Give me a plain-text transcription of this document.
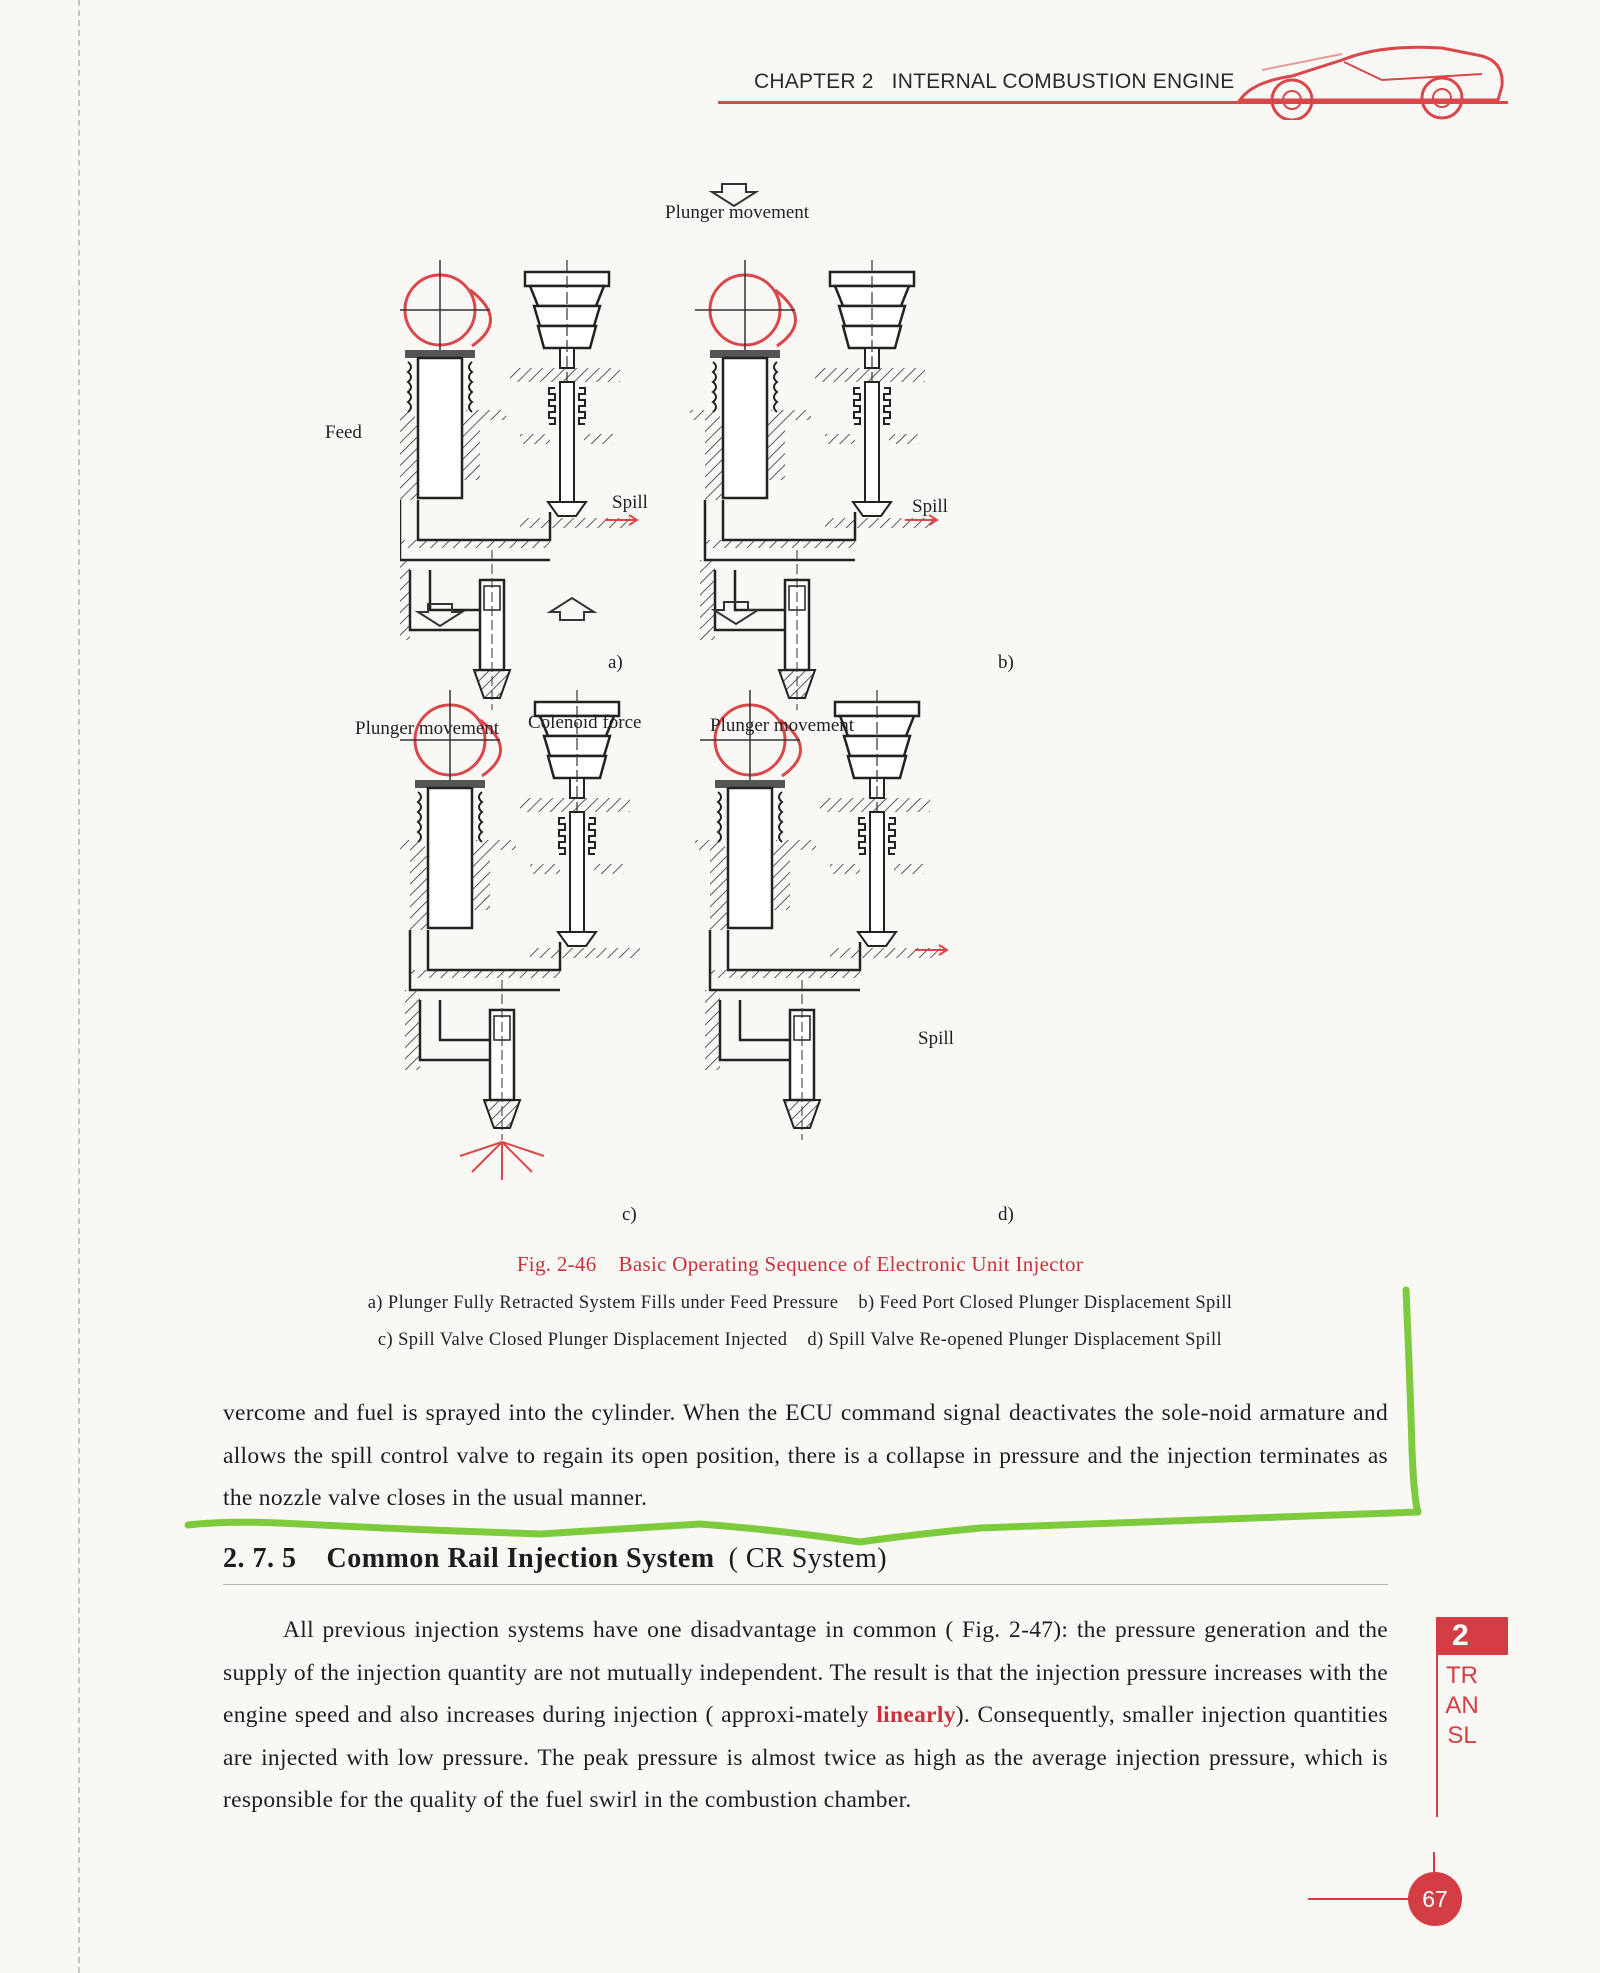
CHAPTER 2 INTERNAL COMBUSTION ENGINE
Feed
Spill	Spill
Spill
Plunger movement
Plunger movement Colenoid force	Plunger movement
a)	b)
c)	d)
Fig. 2-46 Basic Operating Sequence of Electronic Unit Injector
a) Plunger Fully Retracted System Fills under Feed Pressure b) Feed Port Closed Plunger Displacement Spill
c) Spill Valve Closed Plunger Displacement Injected d) Spill Valve Re-opened Plunger Displacement Spill
vercome and fuel is sprayed into the cylinder. When the ECU command signal deactivates the sole-noid armature and allows the spill control valve to regain its open position, there is a collapse in pressure and the injection terminates as the nozzle valve closes in the usual manner.
2. 7. 5 Common Rail Injection System ( CR System)
All previous injection systems have one disadvantage in common ( Fig. 2-47): the pressure generation and the supply of the injection quantity are not mutually independent. The result is that the injection pressure increases with the engine speed and also increases during injection ( approxi-mately linearly). Consequently, smaller injection quantities are injected with low pressure. The peak pressure is almost twice as high as the average injection pressure, which is responsible for the quality of the fuel swirl in the combustion chamber.
2
TRANSL
67
